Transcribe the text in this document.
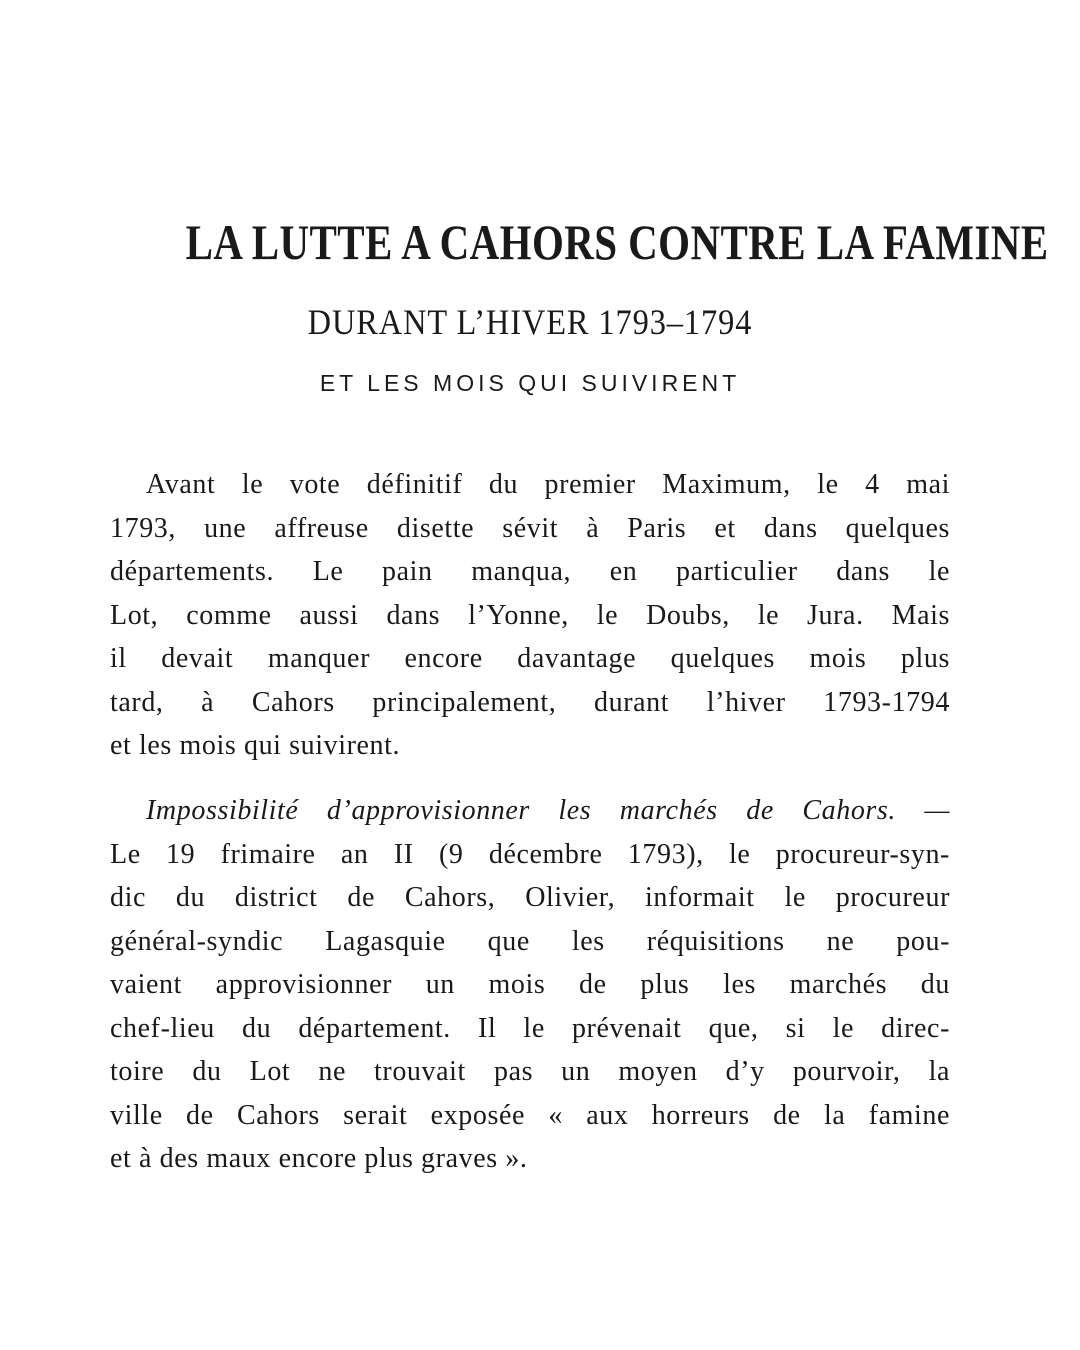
LA LUTTE A CAHORS CONTRE LA FAMINE
DURANT L’HIVER 1793–1794
ET LES MOIS QUI SUIVIRENT
Avant le vote définitif du premier Maximum, le 4 mai
1793, une affreuse disette sévit à Paris et dans quelques
départements. Le pain manqua, en particulier dans le
Lot, comme aussi dans l’Yonne, le Doubs, le Jura. Mais
il devait manquer encore davantage quelques mois plus
tard, à Cahors principalement, durant l’hiver 1793-1794
et les mois qui suivirent.
Impossibilité d’approvisionner les marchés de Cahors. —
Le 19 frimaire an II (9 décembre 1793), le procureur-syn-
dic du district de Cahors, Olivier, informait le procureur
général-syndic Lagasquie que les réquisitions ne pou-
vaient approvisionner un mois de plus les marchés du
chef-lieu du département. Il le prévenait que, si le direc-
toire du Lot ne trouvait pas un moyen d’y pourvoir, la
ville de Cahors serait exposée « aux horreurs de la famine
et à des maux encore plus graves ».
